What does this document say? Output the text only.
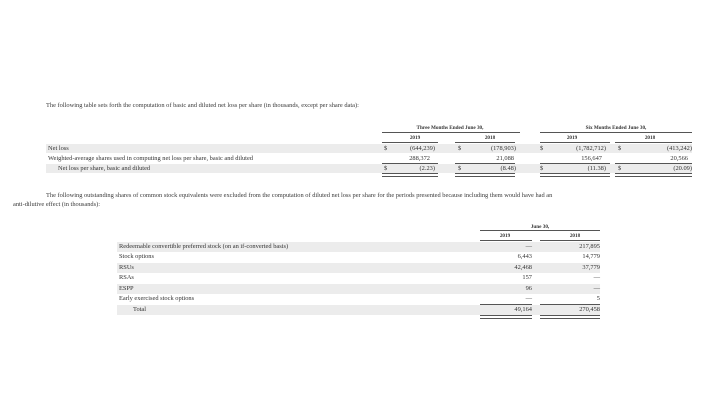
The following table sets forth the computation of basic and diluted net loss per share (in thousands, except per share data):
Three Months Ended June 30,	Six Months Ended June 30,
2019	2018	2019	2018
Net loss	$	(644,239)	$	(178,903)	$	(1,782,712) $	(413,242)
Weighted-average shares used in computing net loss per share, basic and diluted	288,372	21,088	156,647	20,566
Net loss per share, basic and diluted	$	(2.23)	$	(8.48)	$	(11.38) $	(20.09)
The following outstanding shares of common stock equivalents were excluded from the computation of diluted net loss per share for the periods presented because including them would have had an
anti-dilutive effect (in thousands):
June 30,
2019	2018
Redeemable convertible preferred stock (on an if-converted basis)	—	217,895
Stock options	6,443	14,779
RSUs	42,468	37,779
RSAs	157	—
ESPP	96	—
Early exercised stock options	—	5
Total	49,164	270,458
